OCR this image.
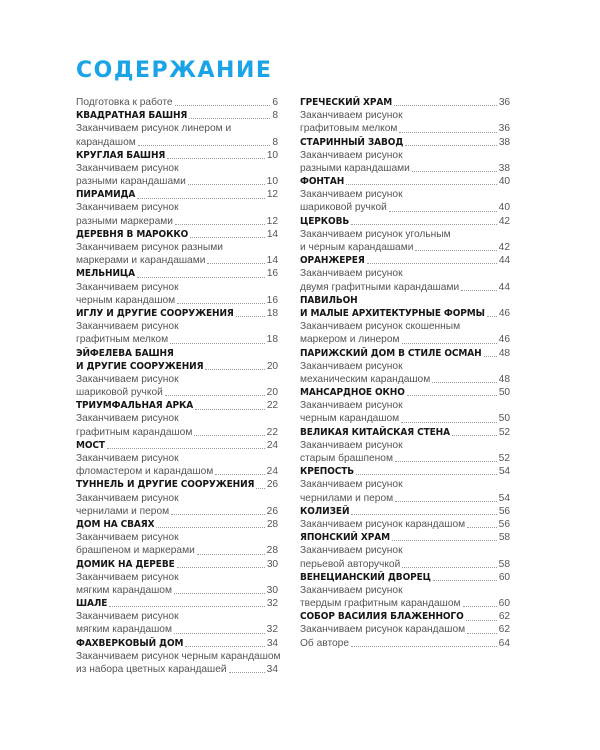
СОДЕРЖАНИЕ
Подготовка к работе	6
КВАДРАТНАЯ БАШНЯ	8
Заканчиваем рисунок линером и
карандашом	8
КРУГЛАЯ БАШНЯ	10
Заканчиваем рисунок
разными карандашами	10
ПИРАМИДА	12
Заканчиваем рисунок
разными маркерами	12
ДЕРЕВНЯ В МАРОККО	14
Заканчиваем рисунок разными
маркерами и карандашами	14
МЕЛЬНИЦА	16
Заканчиваем рисунок
черным карандашом	16
ИГЛУ И ДРУГИЕ СООРУЖЕНИЯ	18
Заканчиваем рисунок
графитным мелком	18
ЭЙФЕЛЕВА БАШНЯ
И ДРУГИЕ СООРУЖЕНИЯ	20
Заканчиваем рисунок
шариковой ручкой	20
ТРИУМФАЛЬНАЯ АРКА	22
Заканчиваем рисунок
графитным карандашом	22
МОСТ	24
Заканчиваем рисунок
фломастером и карандашом	24
ТУННЕЛЬ И ДРУГИЕ СООРУЖЕНИЯ 26
Заканчиваем рисунок
чернилами и пером	26
ДОМ НА СВАЯХ	28
Заканчиваем рисунок
брашпеном и маркерами	28
ДОМИК НА ДЕРЕВЕ	30
Заканчиваем рисунок
мягким карандашом	30
ШАЛЕ	32
Заканчиваем рисунок
мягким карандашом	32
ФАХВЕРКОВЫЙ ДОМ	34
Заканчиваем рисунок черным карандашом
из набора цветных карандашей	34
ГРЕЧЕСКИЙ ХРАМ	36
Заканчиваем рисунок
графитовым мелком	36
СТАРИННЫЙ ЗАВОД	38
Заканчиваем рисунок
разными карандашами	38
ФОНТАН	40
Заканчиваем рисунок
шариковой ручкой	40
ЦЕРКОВЬ	42
Заканчиваем рисунок угольным
и черным карандашами	42
ОРАНЖЕРЕЯ	44
Заканчиваем рисунок
двумя графитными карандашами	44
ПАВИЛЬОН
И МАЛЫЕ АРХИТЕКТУРНЫЕ ФОРМЫ 46
Заканчиваем рисунок скошенным
маркером и линером	46
ПАРИЖСКИЙ ДОМ В СТИЛЕ ОСМАН 48
Заканчиваем рисунок
механическим карандашом	48
МАНСАРДНОЕ ОКНО	50
Заканчиваем рисунок
черным карандашом	50
ВЕЛИКАЯ КИТАЙСКАЯ СТЕНА	52
Заканчиваем рисунок
старым брашпеном	52
КРЕПОСТЬ	54
Заканчиваем рисунок
чернилами и пером	54
КОЛИЗЕЙ	56
Заканчиваем рисунок карандашом	56
ЯПОНСКИЙ ХРАМ	58
Заканчиваем рисунок
перьевой авторучкой	58
ВЕНЕЦИАНСКИЙ ДВОРЕЦ	60
Заканчиваем рисунок
твердым графитным карандашом	60
СОБОР ВАСИЛИЯ БЛАЖЕННОГО	62
Заканчиваем рисунок карандашом	62
Об авторе	64
